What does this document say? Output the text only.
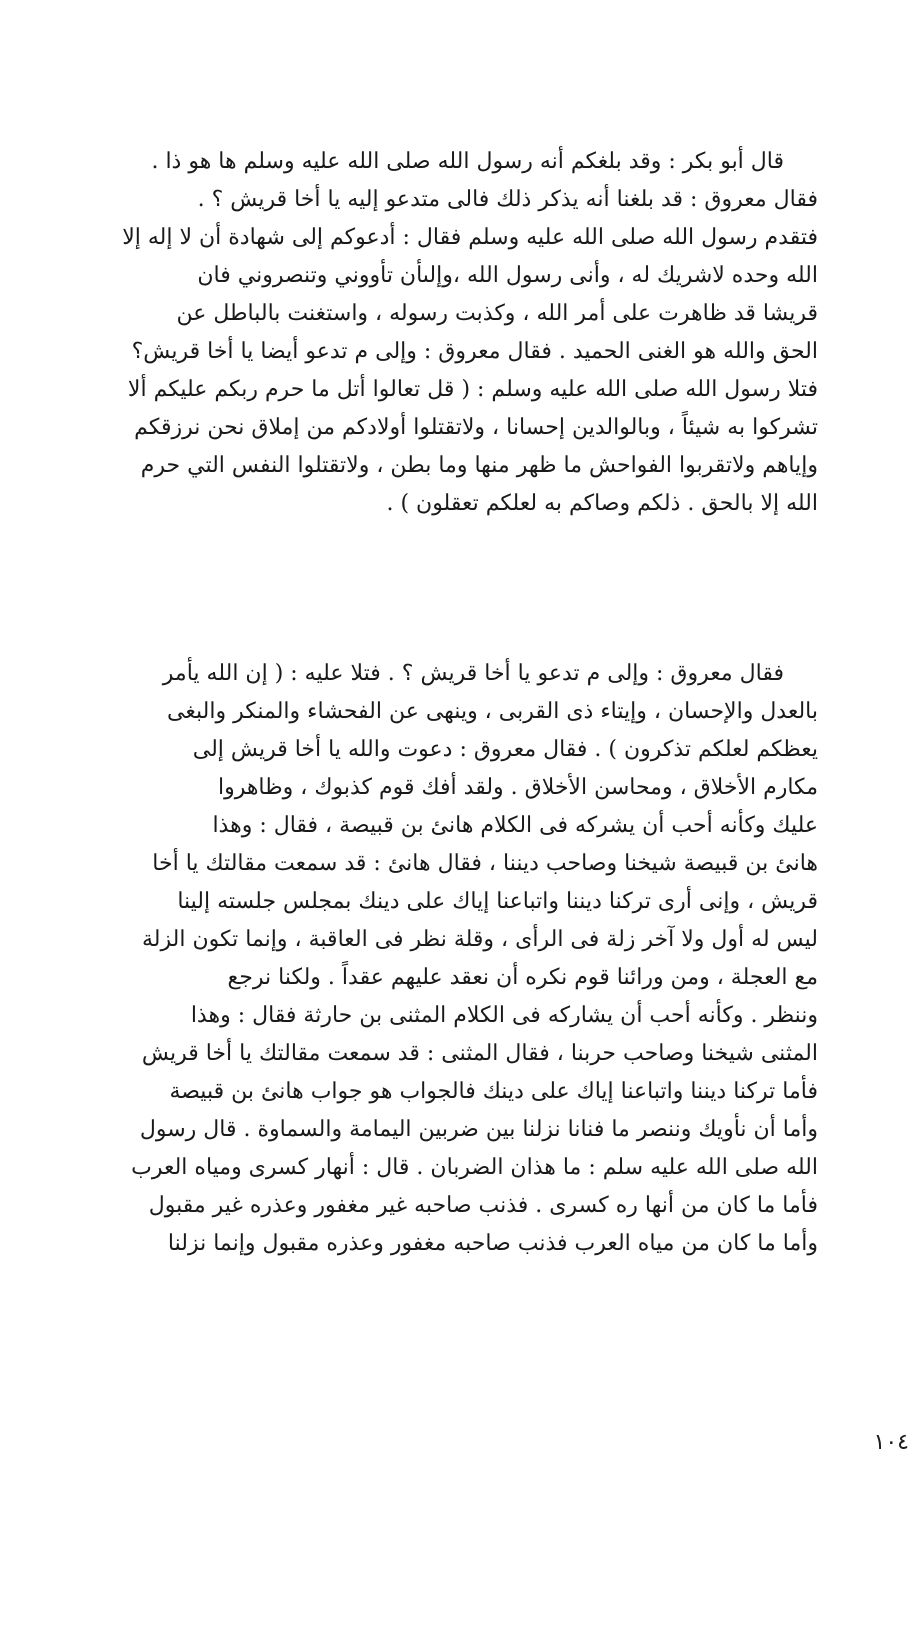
قال أبو بكر : وقد بلغكم أنه رسول الله صلى الله عليه وسلم ها هو ذا .
فقال معروق : قد بلغنا أنه يذكر ذلك فالى متدعو إليه يا أخا قريش ؟ .
فتقدم رسول الله صلى الله عليه وسلم فقال : أدعوكم إلى شهادة أن لا إله إلا
الله وحده لاشريك له ، وأنى رسول الله ،وإلىأن تأووني وتنصروني فان
قريشا قد ظاهرت على أمر الله ، وكذبت رسوله ، واستغنت بالباطل عن
الحق والله هو الغنى الحميد . فقال معروق : وإلى م تدعو أيضا يا أخا قريش؟
فتلا رسول الله صلى الله عليه وسلم : ( قل تعالوا أتل ما حرم ربكم عليكم ألا
تشركوا به شيئاً ، وبالوالدين إحسانا ، ولاتقتلوا أولادكم من إملاق نحن نرزقكم
وإياهم ولاتقربوا الفواحش ما ظهر منها وما بطن ، ولاتقتلوا النفس التي حرم
الله إلا بالحق . ذلكم وصاكم به لعلكم تعقلون ) .
فقال معروق : وإلى م تدعو يا أخا قريش ؟ . فتلا عليه : ( إن الله يأمر
بالعدل والإحسان ، وإيتاء ذى القربى ، وينهى عن الفحشاء والمنكر والبغى
يعظكم لعلكم تذكرون ) . فقال معروق : دعوت والله يا أخا قريش إلى
مكارم الأخلاق ، ومحاسن الأخلاق . ولقد أفك قوم كذبوك ، وظاهروا
عليك وكأنه أحب أن يشركه فى الكلام هانئ بن قبيصة ، فقال : وهذا
هانئ بن قبيصة شيخنا وصاحب ديننا ، فقال هانئ : قد سمعت مقالتك يا أخا
قريش ، وإنى أرى تركنا ديننا واتباعنا إياك على دينك بمجلس جلسته إلينا
ليس له أول ولا آخر زلة فى الرأى ، وقلة نظر فى العاقبة ، وإنما تكون الزلة
مع العجلة ، ومن ورائنا قوم نكره أن نعقد عليهم عقداً . ولكنا نرجع
وننظر . وكأنه أحب أن يشاركه فى الكلام المثنى بن حارثة فقال : وهذا
المثنى شيخنا وصاحب حربنا ، فقال المثنى : قد سمعت مقالتك يا أخا قريش
فأما تركنا ديننا واتباعنا إياك على دينك فالجواب هو جواب هانئ بن قبيصة
وأما أن نأويك وننصر ما فنانا نزلنا بين ضربين اليمامة والسماوة . قال رسول
الله صلى الله عليه سلم : ما هذان الضربان . قال : أنهار كسرى ومياه العرب
فأما ما كان من أنها ره كسرى . فذنب صاحبه غير مغفور وعذره غير مقبول
وأما ما كان من مياه العرب فذنب صاحبه مغفور وعذره مقبول وإنما نزلنا
١٠٤
